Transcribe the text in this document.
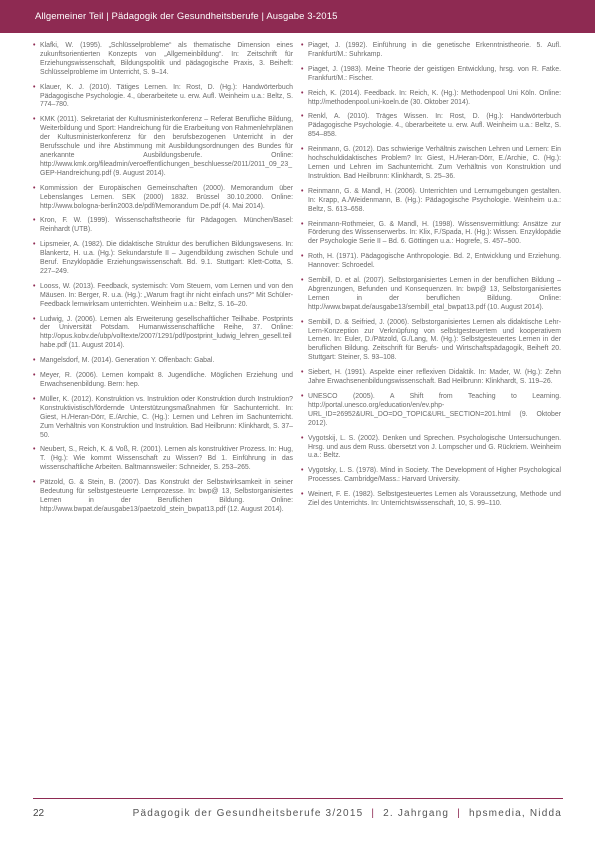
Allgemeiner Teil | Pädagogik der Gesundheitsberufe | Ausgabe 3-2015
• Klafki, W. (1995). „Schlüsselprobleme“ als thematische Dimension eines zukunftsorientierten Konzepts von „Allgemeinbildung“. In: Zeitschrift für Erziehungswissenschaft, Bildungspolitik und pädagogische Praxis, 3. Beiheft: Schlüsselprobleme im Unterricht, S. 9–14.
• Klauer, K. J. (2010). Tätiges Lernen. In: Rost, D. (Hg.): Handwörterbuch Pädagogische Psychologie. 4., überarbeitete u. erw. Aufl. Weinheim u.a.: Beltz, S. 774–780.
• KMK (2011). Sekretariat der Kultusministerkonferenz – Referat Berufliche Bildung, Weiterbildung und Sport: Handreichung für die Erarbeitung von Rahmenlehrplänen der Kultusministerkonferenz für den berufsbezogenen Unterricht in der Berufsschule und ihre Abstimmung mit Ausbildungsordnungen des Bundes für anerkannte Ausbildungsberufe. Online: http://www.kmk.org/fileadmin/veroeffentlichungen_beschluesse/2011/2011_09_23_GEP-Handreichung.pdf (9. August 2014).
• Kommission der Europäischen Gemeinschaften (2000). Memorandum über Lebenslanges Lernen. SEK (2000) 1832. Brüssel 30.10.2000. Online: http://www.bologna-berlin2003.de/pdf/Memorandum De.pdf (4. Mai 2014).
• Kron, F. W. (1999). Wissenschaftstheorie für Pädagogen. München/Basel: Reinhardt (UTB).
• Lipsmeier, A. (1982). Die didaktische Struktur des beruflichen Bildungswesens. In: Blankertz, H. u.a. (Hg.): Sekundarstufe II – Jugendbildung zwischen Schule und Beruf. Enzyklopädie Erziehungswissenschaft. Bd. 9.1. Stuttgart: Klett-Cotta, S. 227–249.
• Looss, W. (2013). Feedback, systemisch: Vom Steuern, vom Lernen und von den Mäusen. In: Berger, R. u.a. (Hg.): „Warum fragt ihr nicht einfach uns?“ Mit Schüler-Feedback lernwirksam unterrichten. Weinheim u.a.: Beltz, S. 16–20.
• Ludwig, J. (2006). Lernen als Erweiterung gesellschaftlicher Teilhabe. Postprints der Universität Potsdam. Humanwissenschaftliche Reihe, 37. Online: http://opus.kobv.de/ubp/volltexte/2007/1291/pdf/postprint_ludwig_lehren_gesell.teilhabe.pdf (11. August 2014).
• Mangelsdorf, M. (2014). Generation Y. Offenbach: Gabal.
• Meyer, R. (2006). Lernen kompakt 8. Jugendliche. Möglichen Erziehung und Erwachsenenbildung. Bern: hep.
• Müller, K. (2012). Konstruktion vs. Instruktion oder Konstruktion durch Instruktion? Konstruktivistisch/fördernde Unterstützungsmaßnahmen für Sachunterricht. In: Giest, H./Heran-Dörr, E./Archie, C. (Hg.): Lernen und Lehren im Sachunterricht. Zum Verhältnis von Konstruktion und Instruktion. Bad Heilbrunn: Klinkhardt, S. 37–50.
• Neubert, S., Reich, K. & Voß, R. (2001). Lernen als konstruktiver Prozess. In: Hug, T. (Hg.): Wie kommt Wissenschaft zu Wissen? Bd 1. Einführung in das wissenschaftliche Arbeiten. Baltmannsweiler: Schneider, S. 253–265.
• Pätzold, G. & Stein, B. (2007). Das Konstrukt der Selbstwirksamkeit in seiner Bedeutung für selbstgesteuerte Lernprozesse. In: bwp@ 13, Selbstorganisiertes Lernen in der Beruflichen Bildung. Online: http://www.bwpat.de/ausgabe13/paetzold_stein_bwpat13.pdf (12. August 2014).
• Piaget, J. (1992). Einführung in die genetische Erkenntnistheorie. 5. Aufl. Frankfurt/M.: Suhrkamp.
• Piaget, J. (1983). Meine Theorie der geistigen Entwicklung, hrsg. von R. Fatke. Frankfurt/M.: Fischer.
• Reich, K. (2014). Feedback. In: Reich, K. (Hg.): Methodenpool Uni Köln. Online: http://methodenpool.uni-koeln.de (30. Oktober 2014).
• Renkl, A. (2010). Träges Wissen. In: Rost, D. (Hg.): Handwörterbuch Pädagogische Psychologie. 4., überarbeitete u. erw. Aufl. Weinheim u.a.: Beltz, S. 854–858.
• Reinmann, G. (2012). Das schwierige Verhältnis zwischen Lehren und Lernen: Ein hochschuldidaktisches Problem? In: Giest, H./Heran-Dörr, E./Archie, C. (Hg.): Lernen und Lehren im Sachunterricht. Zum Verhältnis von Konstruktion und Instruktion. Bad Heilbrunn: Klinkhardt, S. 25–36.
• Reinmann, G. & Mandl, H. (2006). Unterrichten und Lernumgebungen gestalten. In: Krapp, A./Weidenmann, B. (Hg.): Pädagogische Psychologie. Weinheim u.a.: Beltz, S. 613–658.
• Reinmann-Rothmeier, G. & Mandl, H. (1998). Wissensvermittlung: Ansätze zur Förderung des Wissenserwerbs. In: Klix, F./Spada, H. (Hg.): Wissen. Enzyklopädie der Psychologie Serie II – Bd. 6. Göttingen u.a.: Hogrefe, S. 457–500.
• Roth, H. (1971). Pädagogische Anthropologie. Bd. 2, Entwicklung und Erziehung. Hannover: Schroedel.
• Sembill, D. et al. (2007). Selbstorganisiertes Lernen in der beruflichen Bildung – Abgrenzungen, Befunden und Konsequenzen. In: bwp@ 13, Selbstorganisiertes Lernen in der beruflichen Bildung. Online: http://www.bwpat.de/ausgabe13/sembill_etal_bwpat13.pdf (10. August 2014).
• Sembill, D. & Seifried, J. (2006). Selbstorganisiertes Lernen als didaktische Lehr-Lern-Konzeption zur Verknüpfung von selbstgesteuertem und kooperativem Lernen. In: Euler, D./Pätzold, G./Lang, M. (Hg.): Selbstgesteuertes Lernen in der beruflichen Bildung. Zeitschrift für Berufs- und Wirtschaftspädagogik, Beiheft 20. Stuttgart: Steiner, S. 93–108.
• Siebert, H. (1991). Aspekte einer reflexiven Didaktik. In: Mader, W. (Hg.): Zehn Jahre Erwachsenenbildungswissenschaft. Bad Heilbrunn: Klinkhardt, S. 119–26.
• UNESCO (2005). A Shift from Teaching to Learning. http://portal.unesco.org/education/en/ev.php-URL_ID=26952&URL_DO=DO_TOPIC&URL_SECTION=201.html (9. Oktober 2012).
• Vygotskij, L. S. (2002). Denken und Sprechen. Psychologische Untersuchungen. Hrsg. und aus dem Russ. übersetzt von J. Lompscher und G. Rückriem. Weinheim u.a.: Beltz.
• Vygotsky, L. S. (1978). Mind in Society. The Development of Higher Psychological Processes. Cambridge/Mass.: Harvard University.
• Weinert, F. E. (1982). Selbstgesteuertes Lernen als Voraussetzung, Methode und Ziel des Unterrichts. In: Unterrichtswissenschaft, 10, S. 99–110.
22	Pädagogik der Gesundheitsberufe 3/2015 | 2. Jahrgang | hpsmedia, Nidda
